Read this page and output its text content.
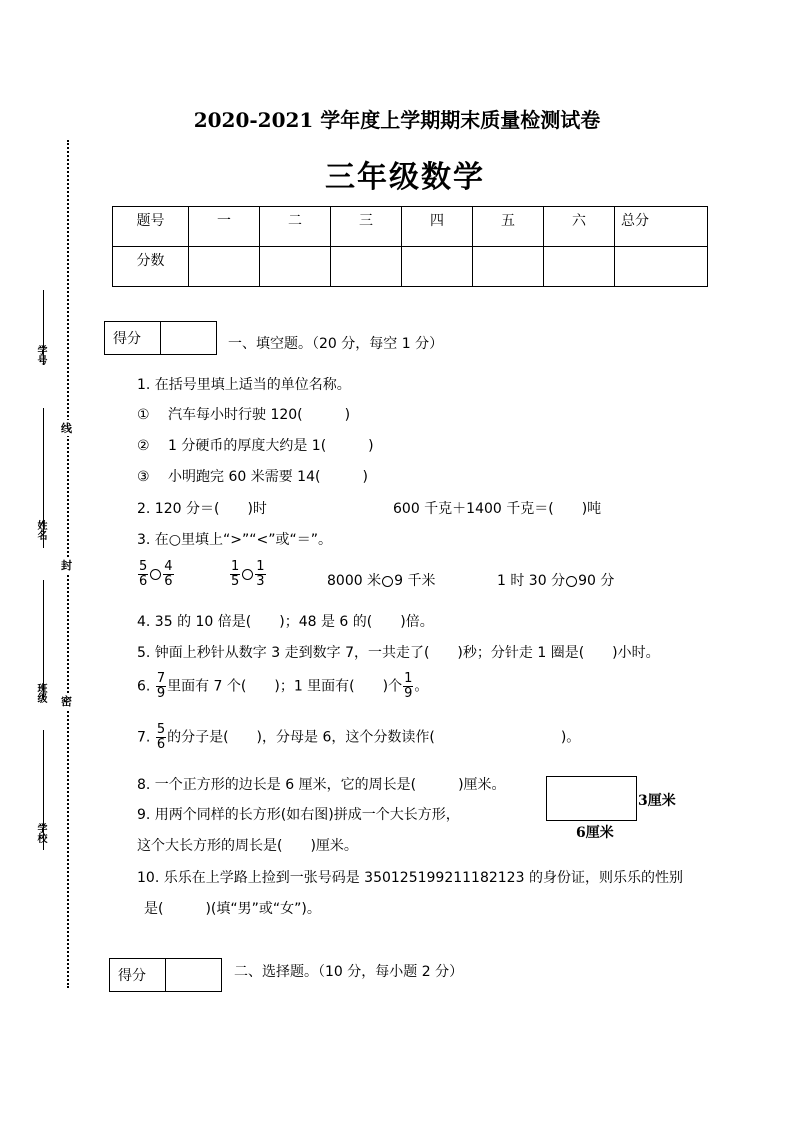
学号
姓名
班级
学校
线
封
密
2020-2021 学年度上学期期末质量检测试卷
三年级数学
题号	一	二	三	四	五	六	总分
分数							
得分	一、填空题。（20 分，每空 1 分）
1. 在括号里填上适当的单位名称。
①　 汽车每小时行驶 120(　　　)
②　 1 分硬币的厚度大约是 1(　　　)
③　 小明跑完 60 米需要 14(　　　)
2. 120 分＝(　　)时	600 千克＋1400 千克＝(　　)吨
3. 在○里填上“>”“<”或“＝”。
$\frac{5}{6} \frac{4}{6}$	$\frac{1}{5} \frac{1}{3}$	8000 米 9 千米	1 时 30 分 90 分
4. 35 的 10 倍是(　　)；48 是 6 的(　　)倍。
5. 钟面上秒针从数字 3 走到数字 7，一共走了(　　)秒；分针走 1 圈是(　　)小时。
6. $\frac{7}{9}$ 里面有 7 个(　　)；1 里面有(　　)个 $\frac{1}{9}$ 。
7. $\frac{5}{6}$ 的分子是(　　)，分母是 6，这个分数读作(　　　　　　　　　)。
8. 一个正方形的边长是 6 厘米，它的周长是(　　　)厘米。
9. 用两个同样的长方形(如右图)拼成一个大长方形，
这个大长方形的周长是(　　)厘米。
3厘米
6厘米
10. 乐乐在上学路上捡到一张号码是 350125199211182123 的身份证，则乐乐的性别
是(　　　)(填“男”或“女”)。
得分	二、选择题。（10 分，每小题 2 分）
